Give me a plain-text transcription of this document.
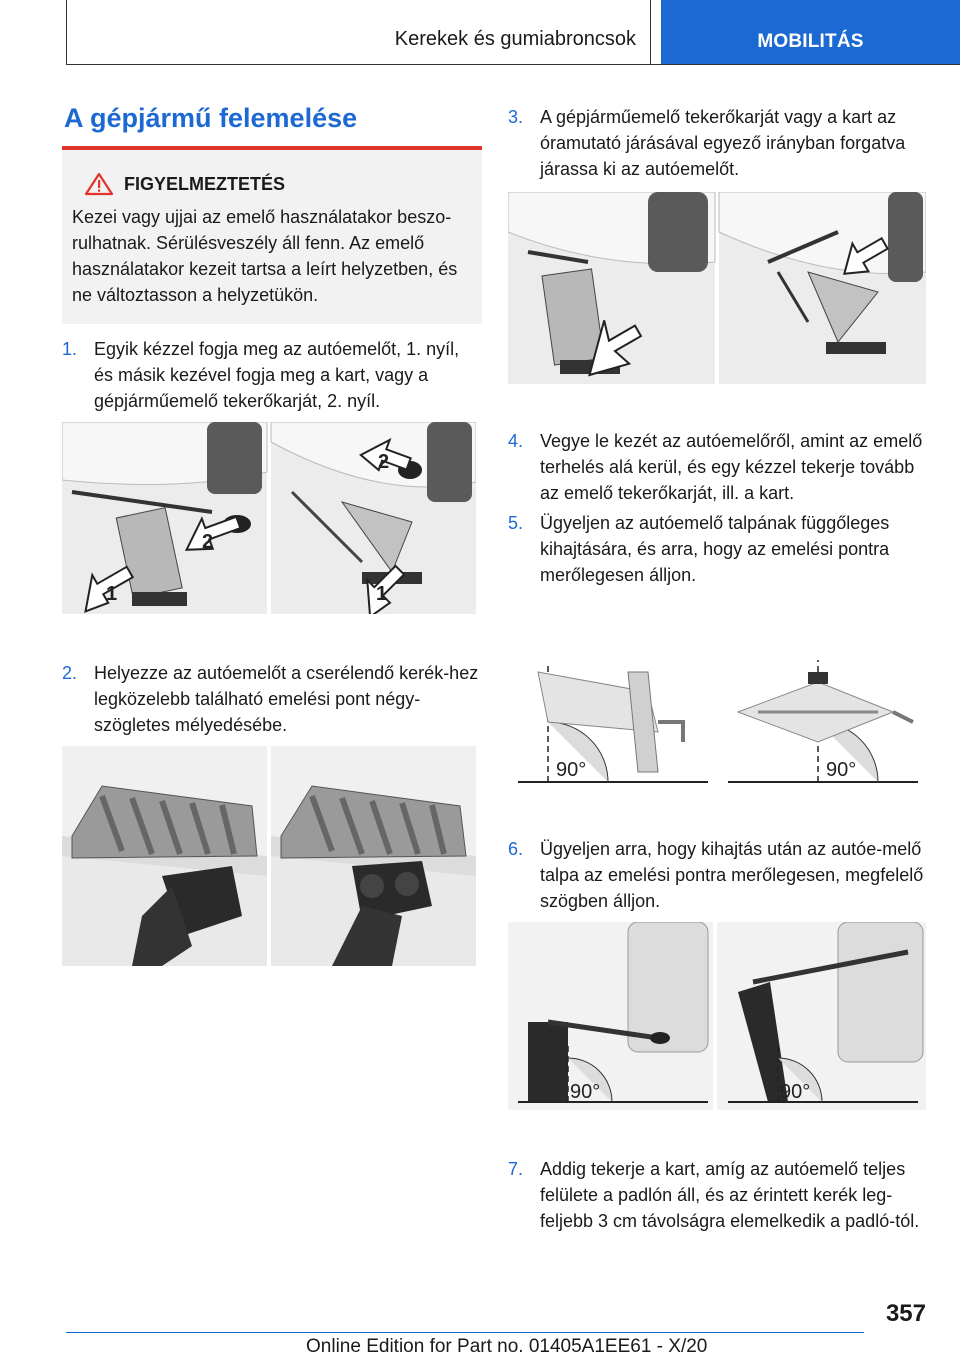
Kerekek és gumiabroncsok	MOBILITÁS
A gépjármű felemelése
FIGYELMEZTETÉS

Kezei vagy ujjai az emelő használatakor beszo-rulhatnak. Sérülésveszély áll fenn. Az emelő használatakor kezeit tartsa a leírt helyzetben, és ne változtasson a helyzetükön.

1. Egyik kézzel fogja meg az autóemelőt, 1. nyíl, és másik kezével fogja meg a kart, vagy a gépjárműemelő tekerőkarját, 2. nyíl.
1
2
2
1
2. Helyezze az autóemelőt a cserélendő kerék-hez legközelebb található emelési pont négy-szögletes mélyedésébe.
3. A gépjárműemelő tekerőkarját vagy a kart az óramutató járásával egyező irányban forgatva járassa ki az autóemelőt.
4. Vegye le kezét az autóemelőről, amint az emelő terhelés alá kerül, és egy kézzel tekerje tovább az emelő tekerőkarját, ill. a kart.
5. Ügyeljen az autóemelő talpának függőleges kihajtására, és arra, hogy az emelési pontra merőlegesen álljon.
90°	90°
6. Ügyeljen arra, hogy kihajtás után az autóe-melő talpa az emelési pontra merőlegesen, megfelelő szögben álljon.
90°	90°
7. Addig tekerje a kart, amíg az autóemelő teljes felülete a padlón áll, és az érintett kerék leg-feljebb 3 cm távolságra elemelkedik a padló-tól.
357
Online Edition for Part no. 01405A1EE61 - X/20
